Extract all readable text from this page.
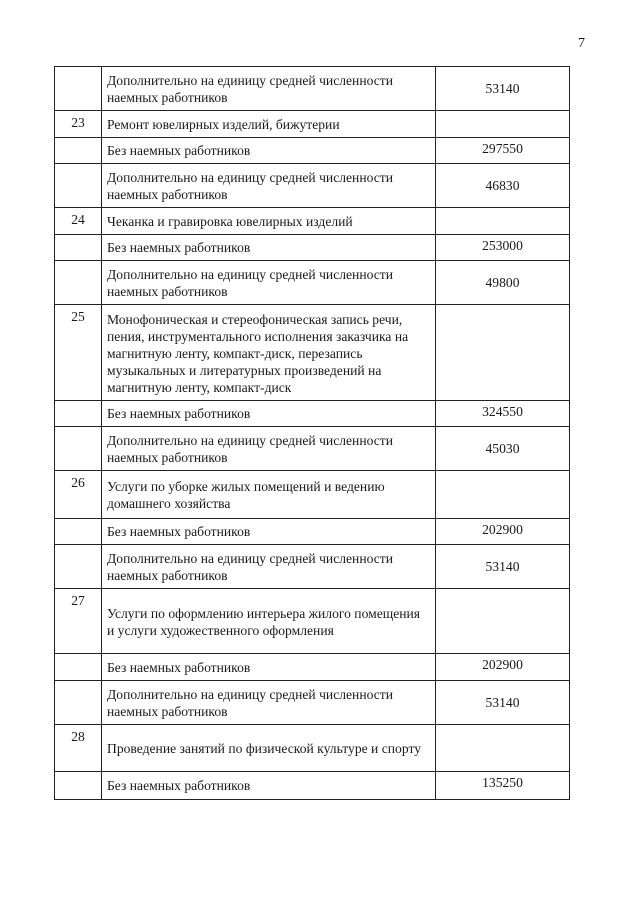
7
	Дополнительно на единицу средней численности наемных работников	53140
23	Ремонт ювелирных изделий, бижутерии	
	Без наемных работников	297550
	Дополнительно на единицу средней численности наемных работников	46830
24	Чеканка и гравировка ювелирных изделий	
	Без наемных работников	253000
	Дополнительно на единицу средней численности наемных работников	49800
25	Монофоническая и стереофоническая запись речи, пения, инструментального исполнения заказчика на магнитную ленту, компакт-диск, перезапись музыкальных и литературных произведений на магнитную ленту, компакт-диск	
	Без наемных работников	324550
	Дополнительно на единицу средней численности наемных работников	45030
26	Услуги по уборке жилых помещений и ведению домашнего хозяйства	
	Без наемных работников	202900
	Дополнительно на единицу средней численности наемных работников	53140
27	Услуги по оформлению интерьера жилого помещения и услуги художественного оформления	
	Без наемных работников	202900
	Дополнительно на единицу средней численности наемных работников	53140
28	Проведение занятий по физической культуре и спорту	
	Без наемных работников	135250
